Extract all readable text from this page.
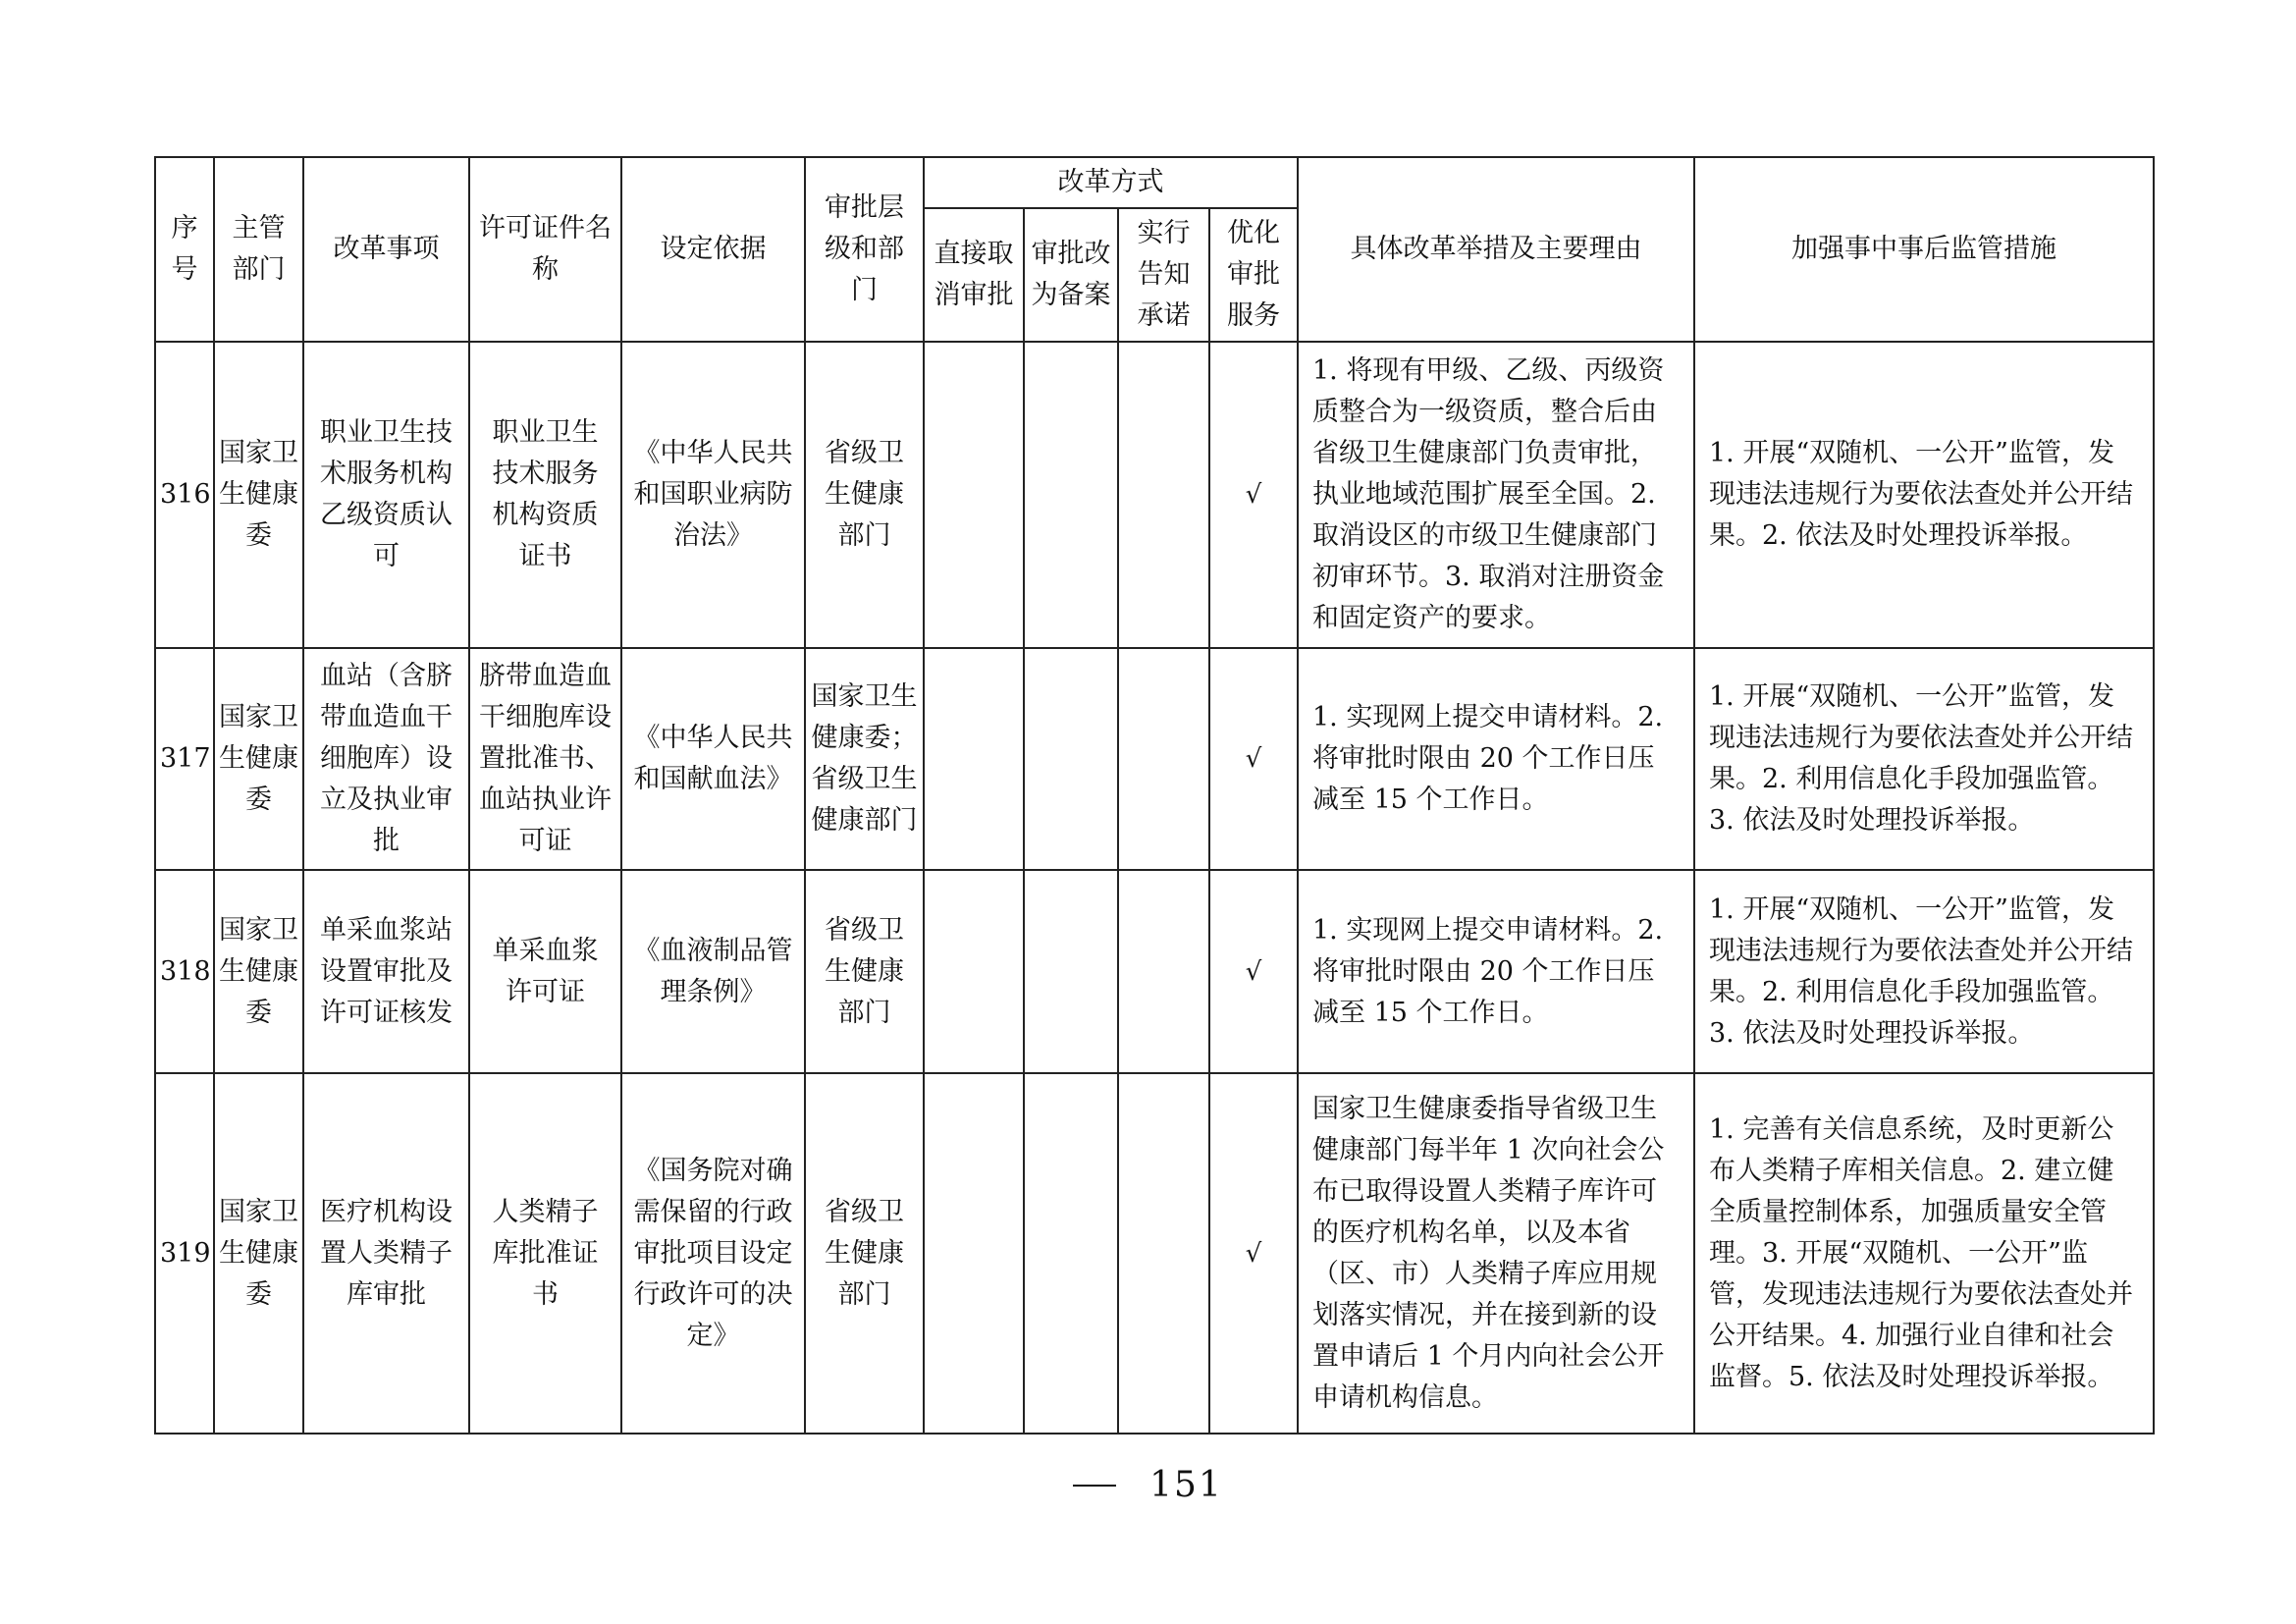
序号	主管部门	改革事项	许可证件名称	设定依据	审批层级和部门	改革方式				具体改革举措及主要理由	加强事中事后监管措施
						直接取消审批	审批改为备案	实行告知承诺	优化审批服务		
316	国家卫生健康委	职业卫生技术服务机构乙级资质认可	职业卫生技术服务机构资质证书	《中华人民共和国职业病防治法》	省级卫生健康部门				√	1. 将现有甲级、乙级、丙级资质整合为一级资质，整合后由省级卫生健康部门负责审批，执业地域范围扩展至全国。2. 取消设区的市级卫生健康部门初审环节。3. 取消对注册资金和固定资产的要求。	1. 开展“双随机、一公开”监管，发现违法违规行为要依法查处并公开结果。2. 依法及时处理投诉举报。
317	国家卫生健康委	血站（含脐带血造血干细胞库）设立及执业审批	脐带血造血干细胞库设置批准书、血站执业许可证	《中华人民共和国献血法》	国家卫生健康委；省级卫生健康部门				√	1. 实现网上提交申请材料。2. 将审批时限由 20 个工作日压减至 15 个工作日。	1. 开展“双随机、一公开”监管，发现违法违规行为要依法查处并公开结果。2. 利用信息化手段加强监管。3. 依法及时处理投诉举报。
318	国家卫生健康委	单采血浆站设置审批及许可证核发	单采血浆许可证	《血液制品管理条例》	省级卫生健康部门				√	1. 实现网上提交申请材料。2. 将审批时限由 20 个工作日压减至 15 个工作日。	1. 开展“双随机、一公开”监管，发现违法违规行为要依法查处并公开结果。2. 利用信息化手段加强监管。3. 依法及时处理投诉举报。
319	国家卫生健康委	医疗机构设置人类精子库审批	人类精子库批准证书	《国务院对确需保留的行政审批项目设定行政许可的决定》	省级卫生健康部门				√	国家卫生健康委指导省级卫生健康部门每半年 1 次向社会公布已取得设置人类精子库许可的医疗机构名单，以及本省（区、市）人类精子库应用规划落实情况，并在接到新的设置申请后 1 个月内向社会公开申请机构信息。	1. 完善有关信息系统，及时更新公布人类精子库相关信息。2. 建立健全质量控制体系，加强质量安全管理。3. 开展“双随机、一公开”监管，发现违法违规行为要依法查处并公开结果。4. 加强行业自律和社会监督。5. 依法及时处理投诉举报。
151
